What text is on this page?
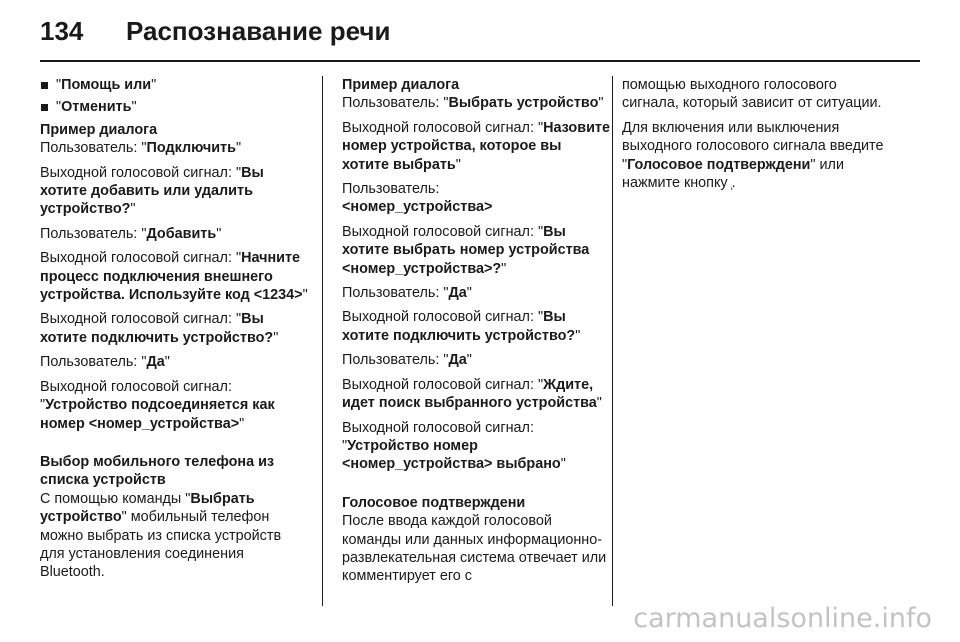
134 Распознавание речи

"Помощь или"

"Отменить"

Пример диалога

Пользователь: "Подключить"

Выходной голосовой сигнал: "Вы хотите добавить или удалить устройство?"

Пользователь: "Добавить"

Выходной голосовой сигнал: "Начните процесс подключения внешнего устройства. Используйте код <1234>"

Выходной голосовой сигнал: "Вы хотите подключить устройство?"

Пользователь: "Да"

Выходной голосовой сигнал: "Устройство подсоединяется как номер <номер_устройства>"

Выбор мобильного телефона из списка устройств

С помощью команды "Выбрать устройство" мобильный телефон можно выбрать из списка устройств для установления соединения Bluetooth.

Пример диалога

Пользователь: "Выбрать устройство"

Выходной голосовой сигнал: "Назовите номер устройства, которое вы хотите выбрать"

Пользователь:
<номер_устройства>

Выходной голосовой сигнал: "Вы хотите выбрать номер устройства <номер_устройства>?"

Пользователь: "Да"

Выходной голосовой сигнал: "Вы хотите подключить устройство?"

Пользователь: "Да"

Выходной голосовой сигнал: "Ждите, идет поиск выбранного устройства"

Выходной голосовой сигнал: "Устройство номер <номер_устройства> выбрано"

Голосовое подтверждени

После ввода каждой голосовой команды или данных информационно-развлекательная система отвечает или комментирует его с

помощью выходного голосового сигнала, который зависит от ситуации.

Для включения или выключения выходного голосового сигнала введите "Голосовое подтверждени" или нажмите кнопку .

carmanualsonline.info
